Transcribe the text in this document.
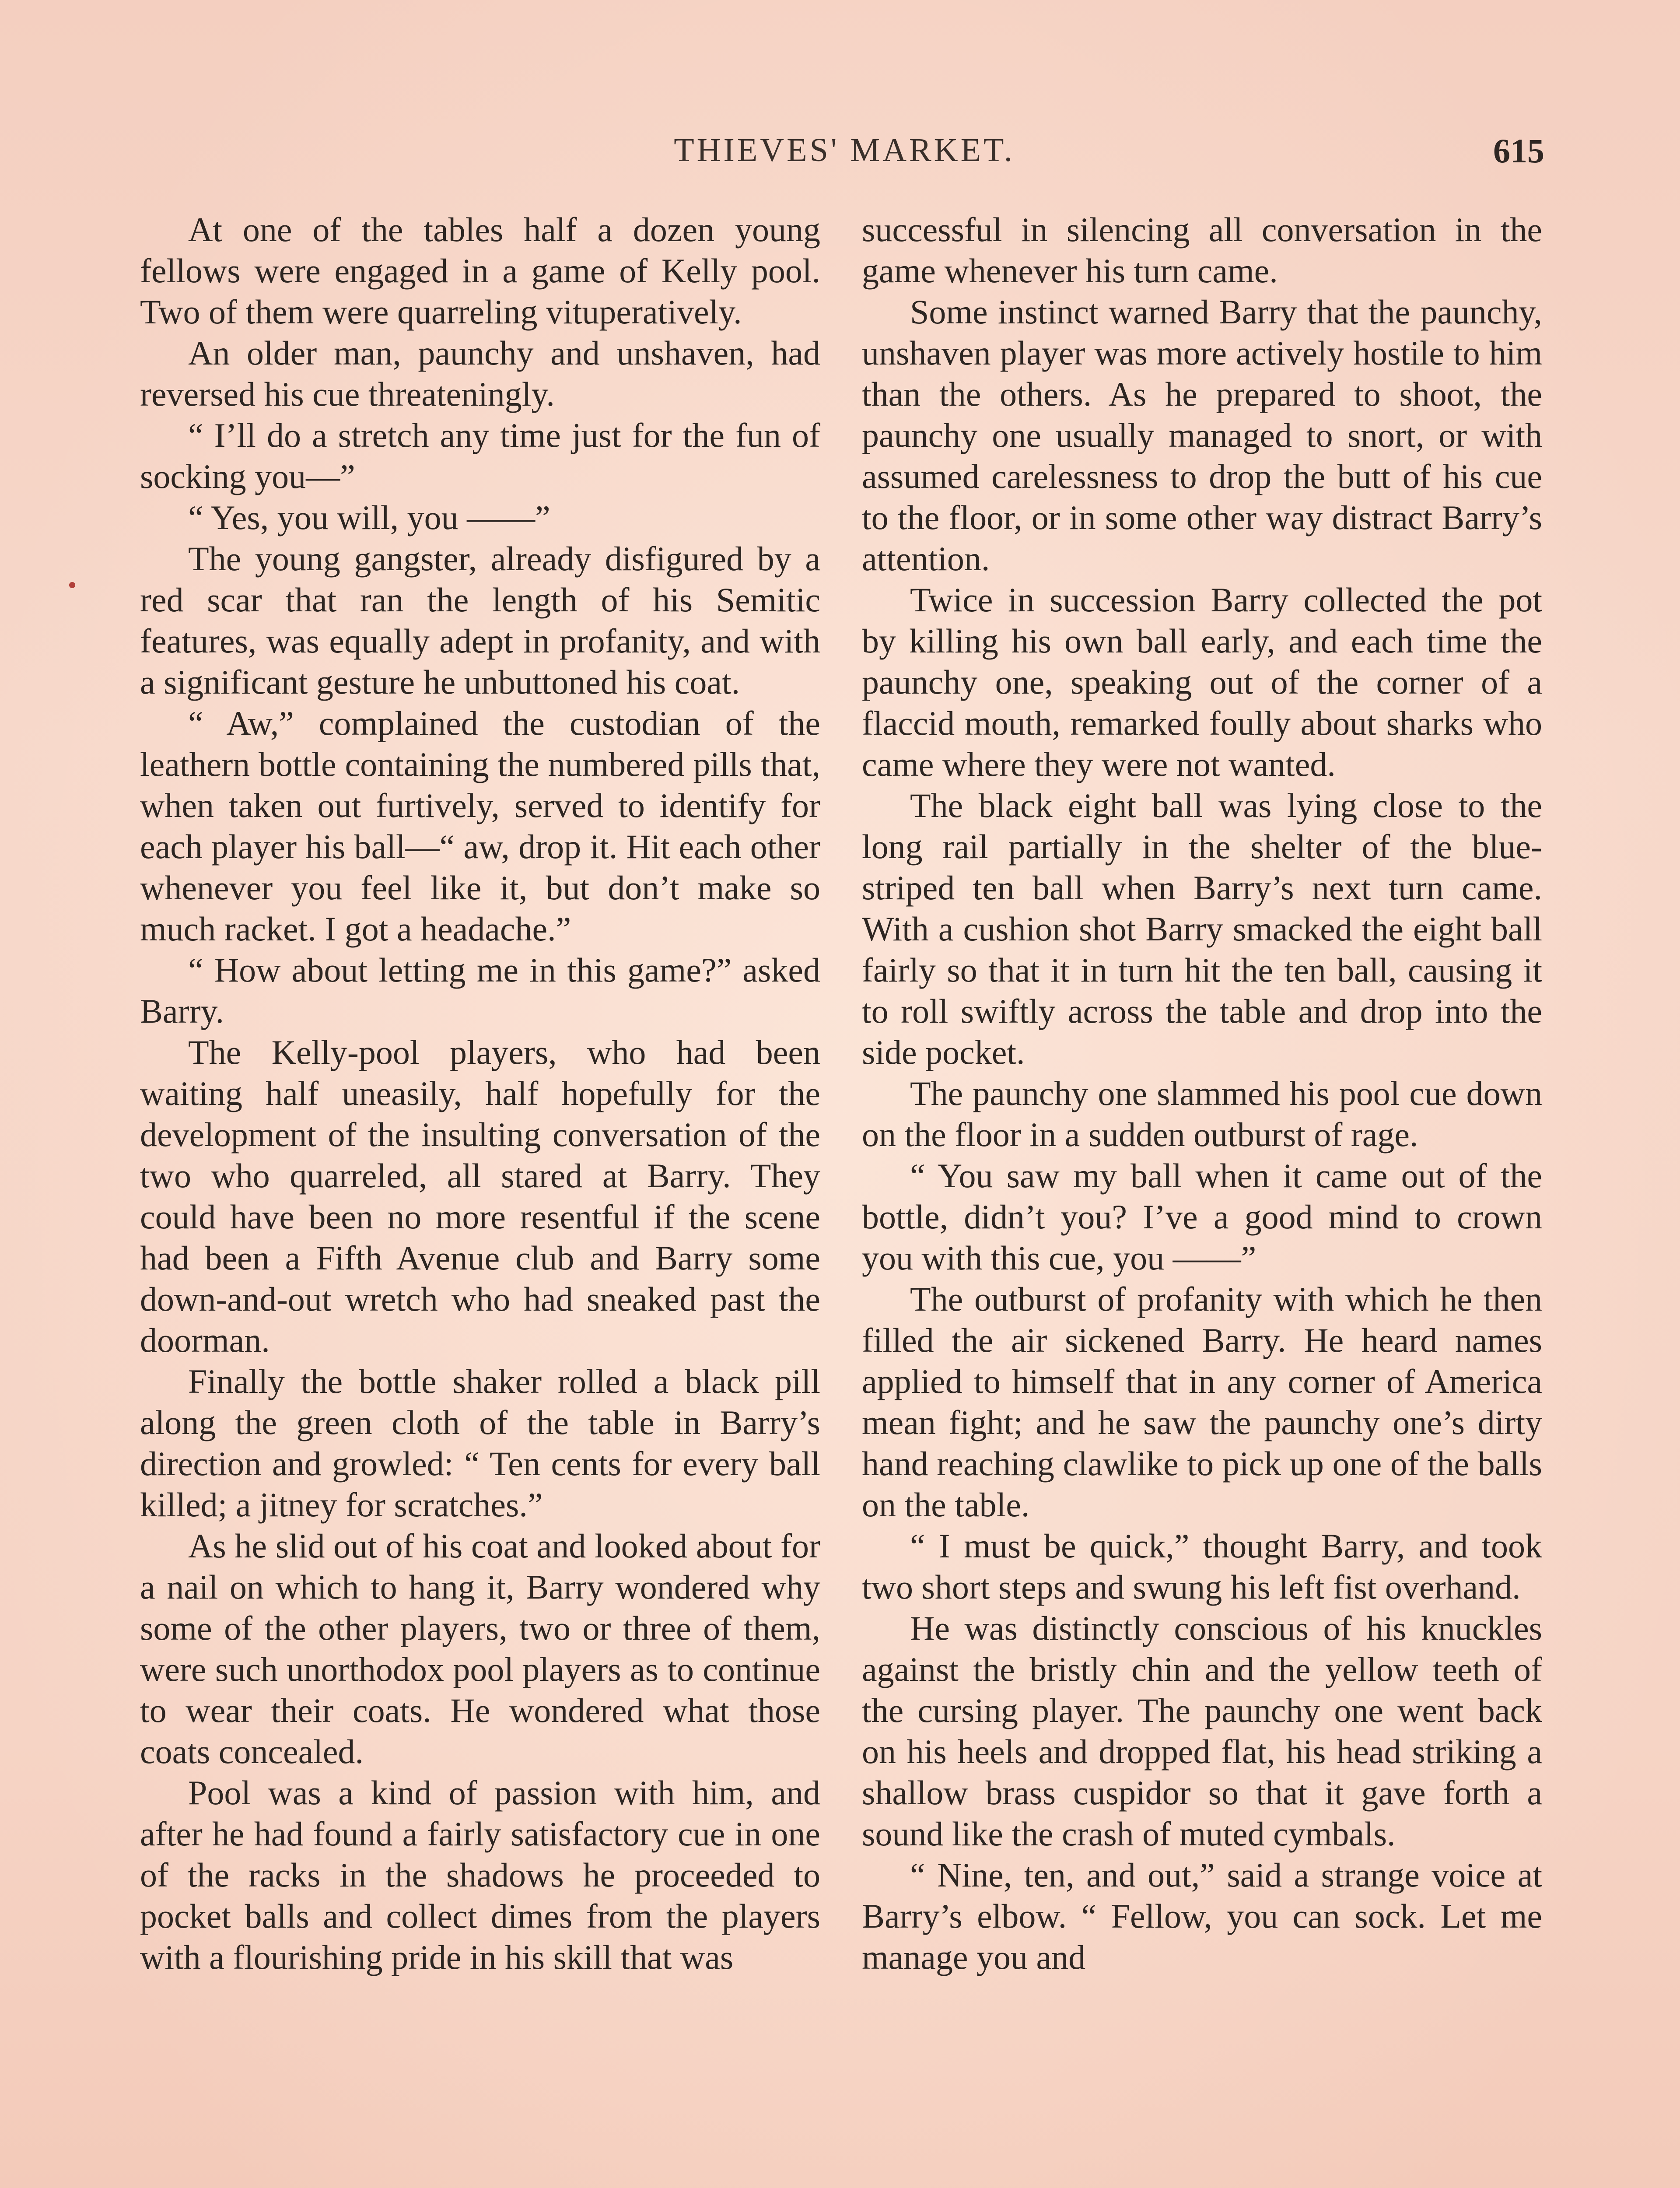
THIEVES' MARKET.	615

At one of the tables half a dozen young fellows were engaged in a game of Kelly pool. Two of them were quarreling vituperatively.

An older man, paunchy and unshaven, had reversed his cue threateningly.

“ I’ll do a stretch any time just for the fun of socking you—”

“ Yes, you will, you ——”

The young gangster, already disfigured by a red scar that ran the length of his Semitic features, was equally adept in profanity, and with a significant gesture he unbuttoned his coat.

“ Aw,” complained the custodian of the leathern bottle containing the numbered pills that, when taken out furtively, served to identify for each player his ball—“ aw, drop it. Hit each other whenever you feel like it, but don’t make so much racket. I got a headache.”

“ How about letting me in this game?” asked Barry.

The Kelly-pool players, who had been waiting half uneasily, half hopefully for the development of the insulting conversation of the two who quarreled, all stared at Barry. They could have been no more resentful if the scene had been a Fifth Avenue club and Barry some down-and-out wretch who had sneaked past the doorman.

Finally the bottle shaker rolled a black pill along the green cloth of the table in Barry’s direction and growled: “ Ten cents for every ball killed; a jitney for scratches.”

As he slid out of his coat and looked about for a nail on which to hang it, Barry wondered why some of the other players, two or three of them, were such unorthodox pool players as to continue to wear their coats. He wondered what those coats concealed.

Pool was a kind of passion with him, and after he had found a fairly satisfactory cue in one of the racks in the shadows he proceeded to pocket balls and collect dimes from the players with a flourishing pride in his skill that was

successful in silencing all conversation in the game whenever his turn came.

Some instinct warned Barry that the paunchy, unshaven player was more actively hostile to him than the others. As he prepared to shoot, the paunchy one usually managed to snort, or with assumed carelessness to drop the butt of his cue to the floor, or in some other way distract Barry’s attention.

Twice in succession Barry collected the pot by killing his own ball early, and each time the paunchy one, speaking out of the corner of a flaccid mouth, remarked foully about sharks who came where they were not wanted.

The black eight ball was lying close to the long rail partially in the shelter of the blue-striped ten ball when Barry’s next turn came. With a cushion shot Barry smacked the eight ball fairly so that it in turn hit the ten ball, causing it to roll swiftly across the table and drop into the side pocket.

The paunchy one slammed his pool cue down on the floor in a sudden outburst of rage.

“ You saw my ball when it came out of the bottle, didn’t you? I’ve a good mind to crown you with this cue, you ——”

The outburst of profanity with which he then filled the air sickened Barry. He heard names applied to himself that in any corner of America mean fight; and he saw the paunchy one’s dirty hand reaching clawlike to pick up one of the balls on the table.

“ I must be quick,” thought Barry, and took two short steps and swung his left fist overhand.

He was distinctly conscious of his knuckles against the bristly chin and the yellow teeth of the cursing player. The paunchy one went back on his heels and dropped flat, his head striking a shallow brass cuspidor so that it gave forth a sound like the crash of muted cymbals.

“ Nine, ten, and out,” said a strange voice at Barry’s elbow. “ Fellow, you can sock. Let me manage you and
